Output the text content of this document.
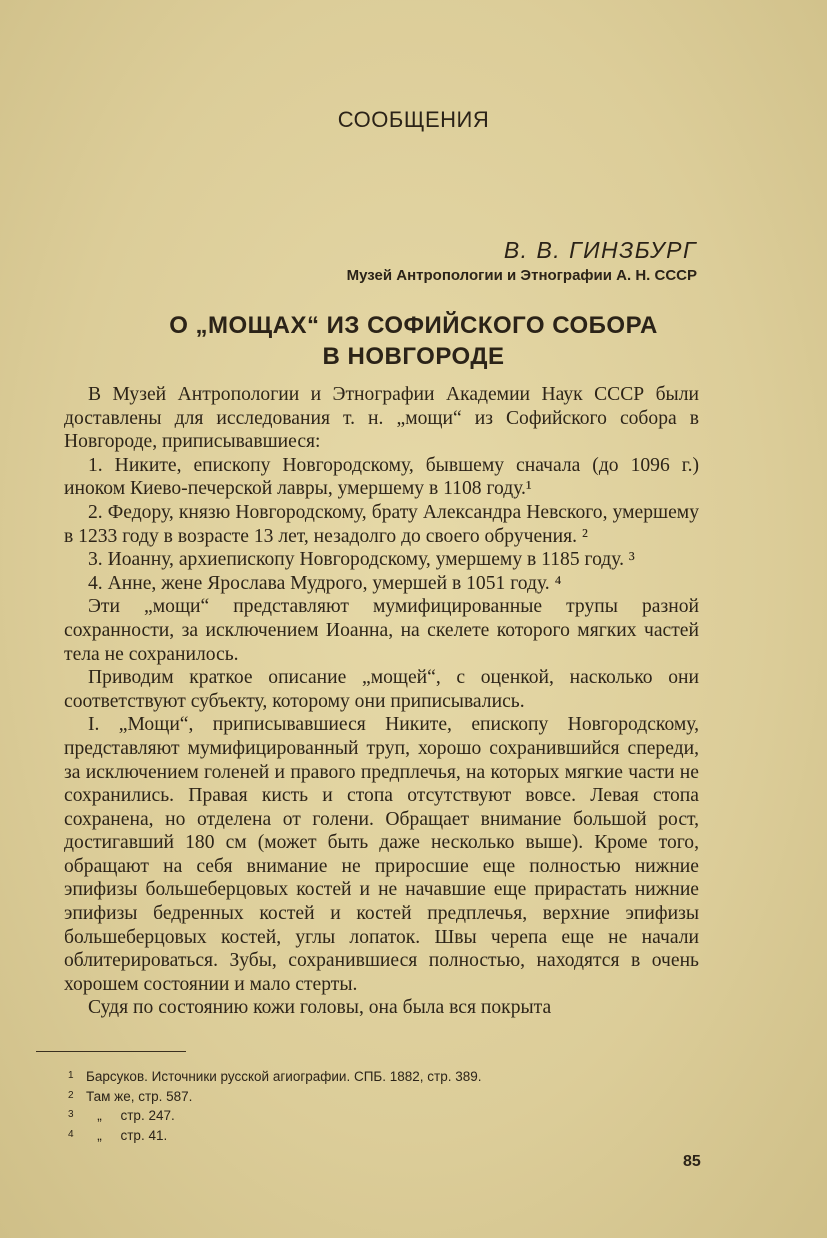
СООБЩЕНИЯ
В. В. ГИНЗБУРГ
Музей Антропологии и Этнографии А. Н. СССР
О „МОЩАХ“ ИЗ СОФИЙСКОГО СОБОРА
В НОВГОРОДЕ

В Музей Антропологии и Этнографии Академии Наук СССР были доставлены для исследования т. н. „мощи“ из Софийского собора в Новгороде, приписывавшиеся:

1. Никите, епископу Новгородскому, бывшему сначала (до 1096 г.) иноком Киево-печерской лавры, умершему в 1108 году.¹

2. Федору, князю Новгородскому, брату Александра Невского, умершему в 1233 году в возрасте 13 лет, незадолго до своего обручения. ²

3. Иоанну, архиепископу Новгородскому, умершему в 1185 году. ³

4. Анне, жене Ярослава Мудрого, умершей в 1051 году. ⁴

Эти „мощи“ представляют мумифицированные трупы разной сохранности, за исключением Иоанна, на скелете которого мягких частей тела не сохранилось.

Приводим краткое описание „мощей“, с оценкой, насколько они соответствуют субъекту, которому они приписывались.

I. „Мощи“, приписывавшиеся Никите, епископу Новгородскому, представляют мумифицированный труп, хорошо сохранившийся спереди, за исключением голеней и правого предплечья, на которых мягкие части не сохранились. Правая кисть и стопа отсутствуют вовсе. Левая стопа сохранена, но отделена от голени. Обращает внимание большой рост, достигавший 180 см (может быть даже несколько выше). Кроме того, обращают на себя внимание не приросшие еще полностью нижние эпифизы большеберцовых костей и не начавшие еще прирастать нижние эпифизы бедренных костей и костей предплечья, верхние эпифизы большеберцовых костей, углы лопаток. Швы черепа еще не начали облитерироваться. Зубы, сохранившиеся полностью, находятся в очень хорошем состоянии и мало стерты.

Судя по состоянию кожи головы, она была вся покрыта

1 Барсуков. Источники русской агиографии. СПБ. 1882, стр. 389.
2 Там же, стр. 587.
3 „     стр. 247.
4 „     стр. 41.
85
